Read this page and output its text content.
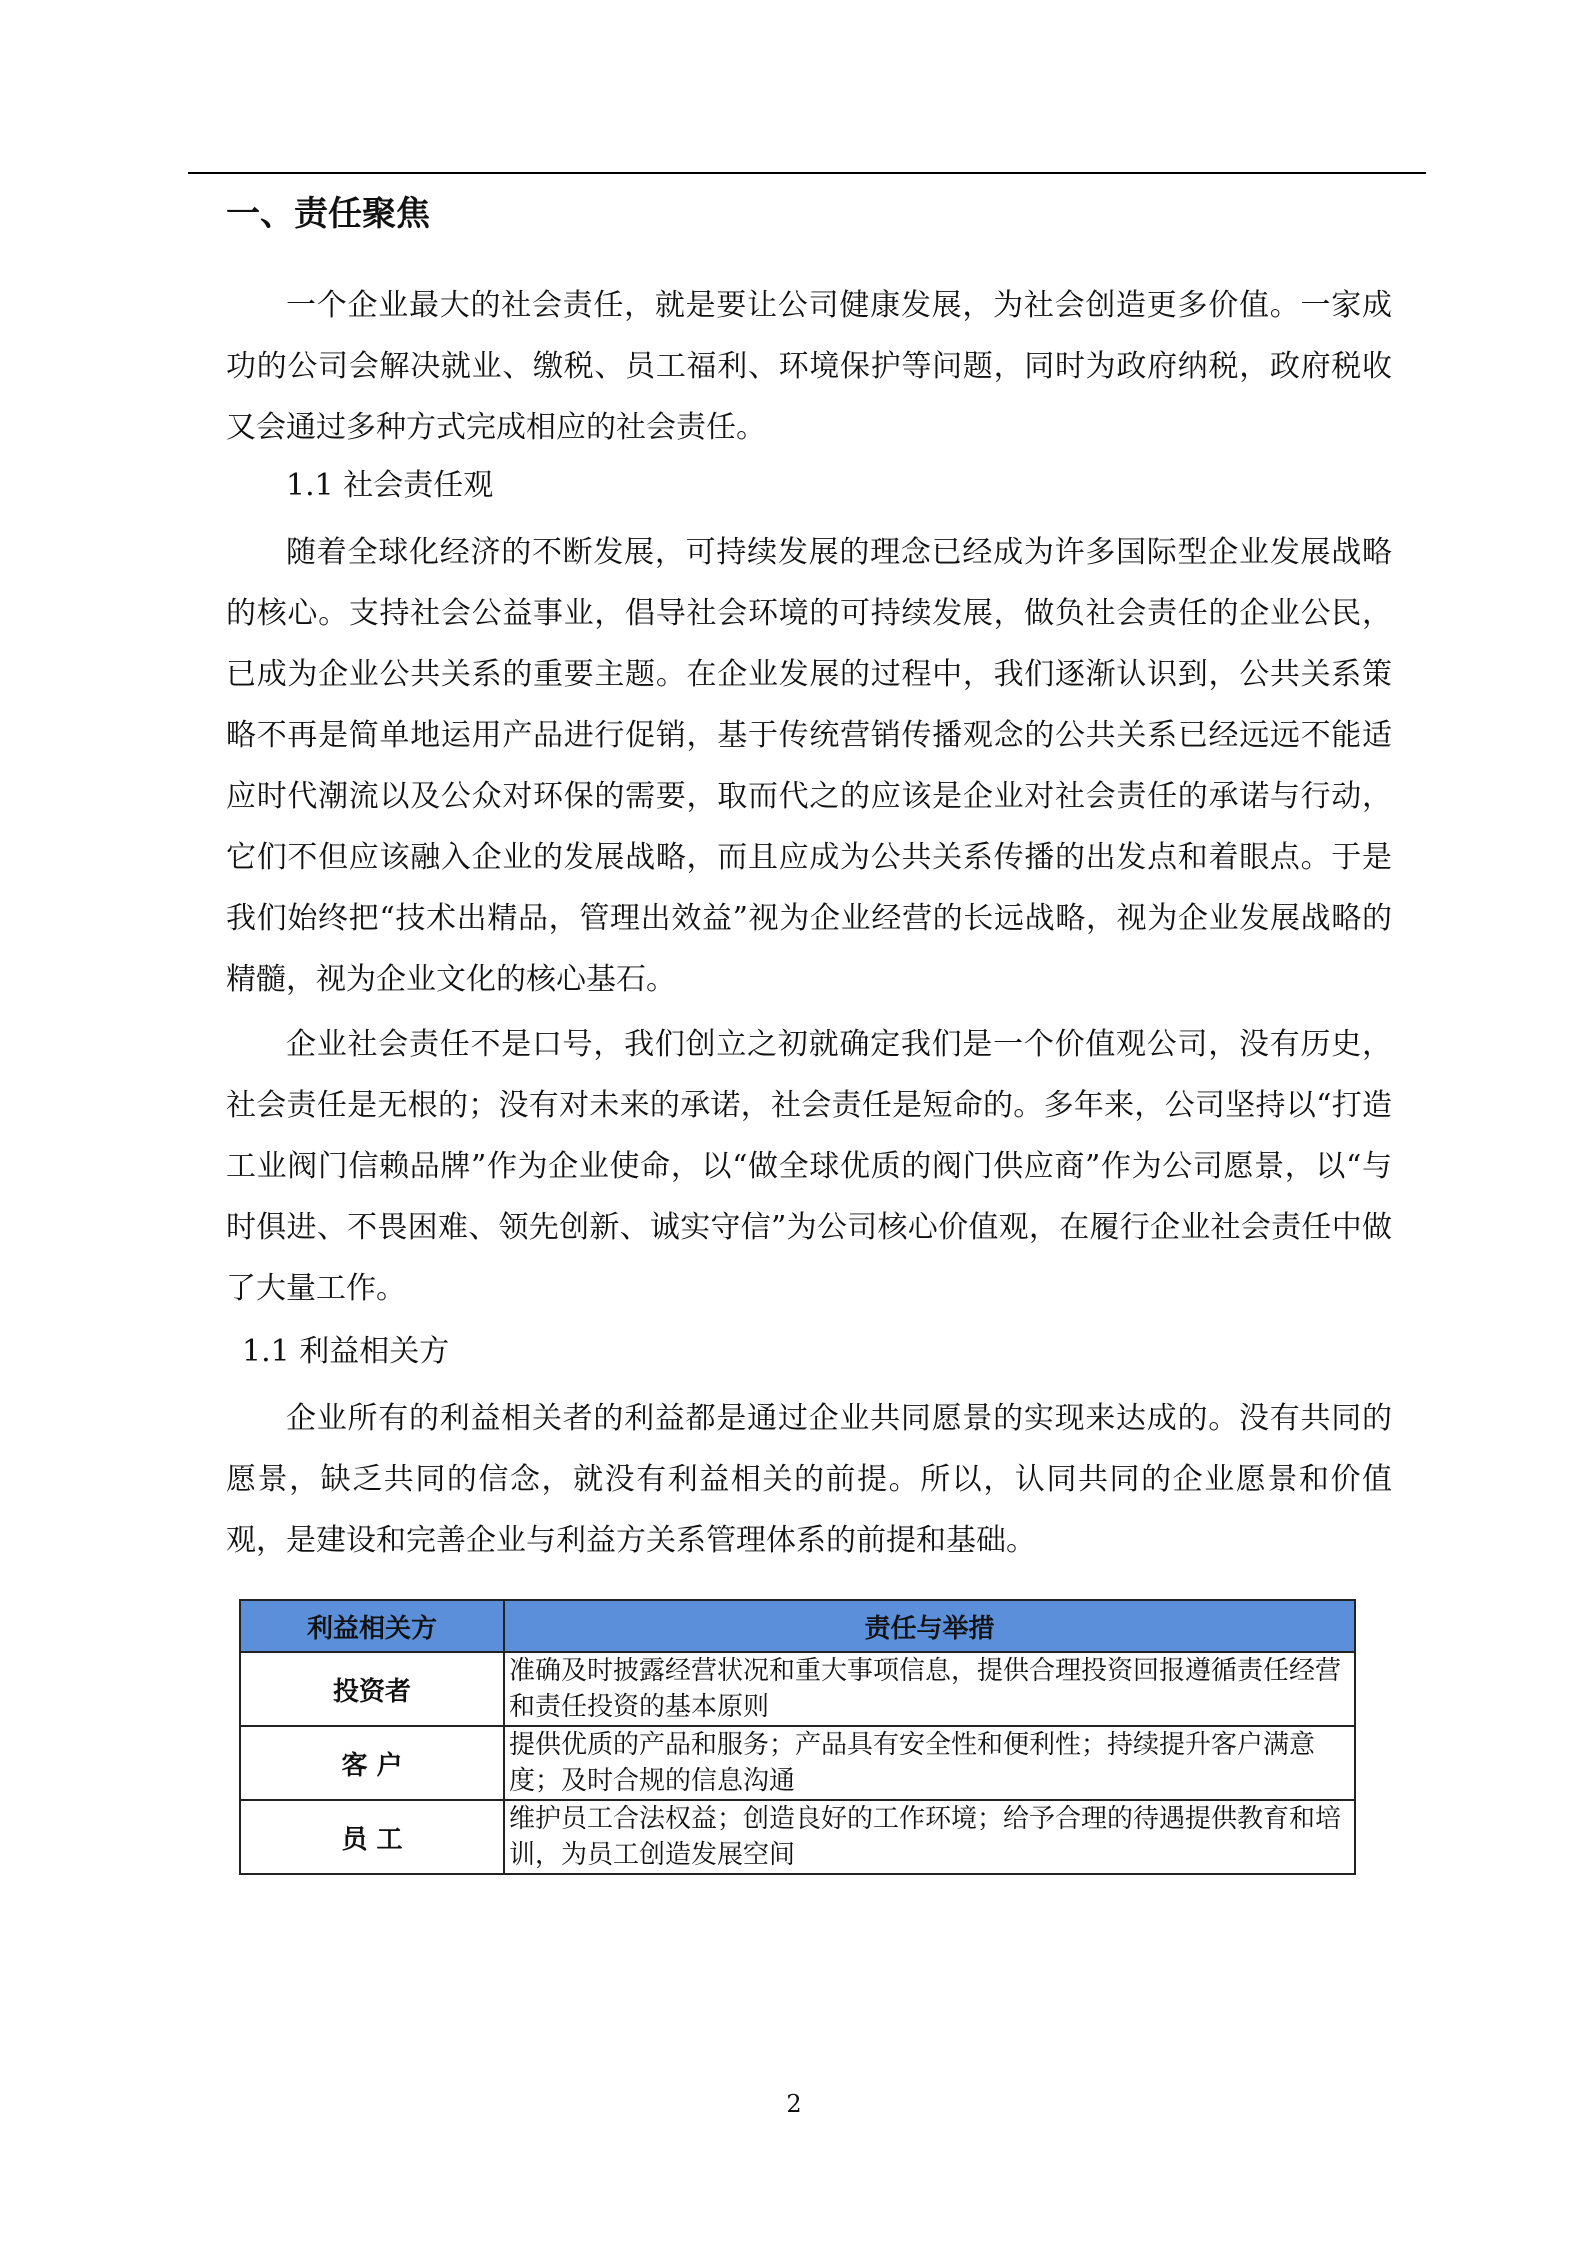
一、责任聚焦

一个企业最大的社会责任，就是要让公司健康发展，为社会创造更多价值。一家成功的公司会解决就业、缴税、员工福利、环境保护等问题，同时为政府纳税，政府税收又会通过多种方式完成相应的社会责任。

1.1 社会责任观

随着全球化经济的不断发展，可持续发展的理念已经成为许多国际型企业发展战略的核心。支持社会公益事业，倡导社会环境的可持续发展，做负社会责任的企业公民，已成为企业公共关系的重要主题。在企业发展的过程中，我们逐渐认识到，公共关系策略不再是简单地运用产品进行促销，基于传统营销传播观念的公共关系已经远远不能适应时代潮流以及公众对环保的需要，取而代之的应该是企业对社会责任的承诺与行动，它们不但应该融入企业的发展战略，而且应成为公共关系传播的出发点和着眼点。于是我们始终把“技术出精品，管理出效益”视为企业经营的长远战略，视为企业发展战略的精髓，视为企业文化的核心基石。

企业社会责任不是口号，我们创立之初就确定我们是一个价值观公司，没有历史，社会责任是无根的；没有对未来的承诺，社会责任是短命的。多年来，公司坚持以“打造工业阀门信赖品牌”作为企业使命，以“做全球优质的阀门供应商”作为公司愿景，以“与时俱进、不畏困难、领先创新、诚实守信”为公司核心价值观，在履行企业社会责任中做了大量工作。

1.1 利益相关方

企业所有的利益相关者的利益都是通过企业共同愿景的实现来达成的。没有共同的愿景，缺乏共同的信念，就没有利益相关的前提。所以，认同共同的企业愿景和价值观，是建设和完善企业与利益方关系管理体系的前提和基础。

利益相关方	责任与举措
投资者	准确及时披露经营状况和重大事项信息，提供合理投资回报遵循责任经营和责任投资的基本原则
客 户	提供优质的产品和服务；产品具有安全性和便利性；持续提升客户满意度；及时合规的信息沟通
员 工	维护员工合法权益；创造良好的工作环境；给予合理的待遇提供教育和培训，为员工创造发展空间

2
